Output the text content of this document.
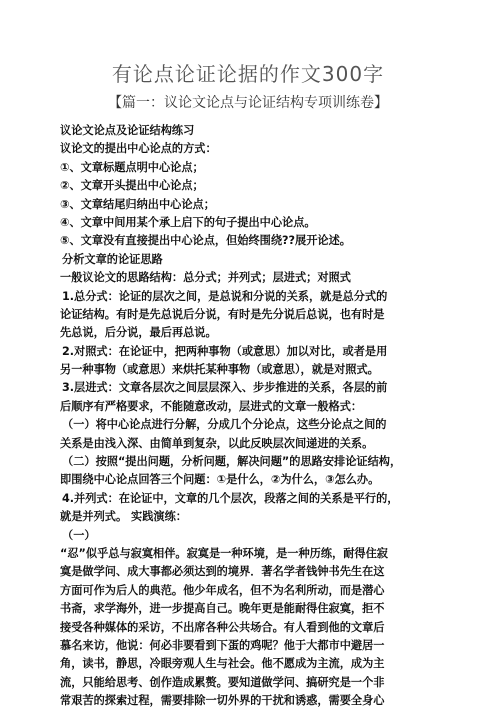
有论点论证论据的作文300字
【篇一：议论文论点与论证结构专项训练卷】
议论文论点及论证结构练习
议论文的提出中心论点的方式：
①、文章标题点明中心论点；
②、文章开头提出中心论点；
③、文章结尾归纳出中心论点；
④、文章中间用某个承上启下的句子提出中心论点。
⑤、文章没有直接提出中心论点，但始终围绕??展开论述。
分析文章的论证思路
一般议论文的思路结构：总分式；并列式；层进式；对照式
1.总分式：论证的层次之间，是总说和分说的关系，就是总分式的
论证结构。有时是先总说后分说，有时是先分说后总说，也有时是
先总说，后分说，最后再总说。
2.对照式：在论证中，把两种事物（或意思）加以对比，或者是用
另一种事物（或意思）来烘托某种事物（或意思），就是对照式。
3.层进式：文章各层次之间层层深入、步步推进的关系，各层的前
后顺序有严格要求，不能随意改动，层进式的文章一般格式：
（一）将中心论点进行分解，分成几个分论点，这些分论点之间的
关系是由浅入深、由简单到复杂，以此反映层次间递进的关系。
（二）按照“提出问题，分析问题，解决问题”的思路安排论证结构，
即围绕中心论点回答三个问题：①是什么，②为什么，③怎么办。
4.并列式：在论证中，文章的几个层次，段落之间的关系是平行的，
就是并列式。 实践演练：
（一）
“忍”似乎总与寂寞相伴。寂寞是一种环境，是一种历练，耐得住寂
寞是做学问、成大事都必须达到的境界．著名学者钱钟书先生在这
方面可作为后人的典范。他少年成名，但不为名利所动，而是潜心
书斋，求学海外，进一步提高自己。晚年更是能耐得住寂寞，拒不
接受各种媒体的采访，不出席各种公共场合。有人看到他的文章后
慕名来访，他说：何必非要看到下蛋的鸡呢？他于大都市中避居一
角，读书，静思，冷眼旁观人生与社会。他不愿成为主流，成为主
流，只能给思考、创作造成累赘。要知道做学问、搞研究是一个非
常艰苦的探索过程，需要排除一切外界的干扰和诱惑，需要全身心
